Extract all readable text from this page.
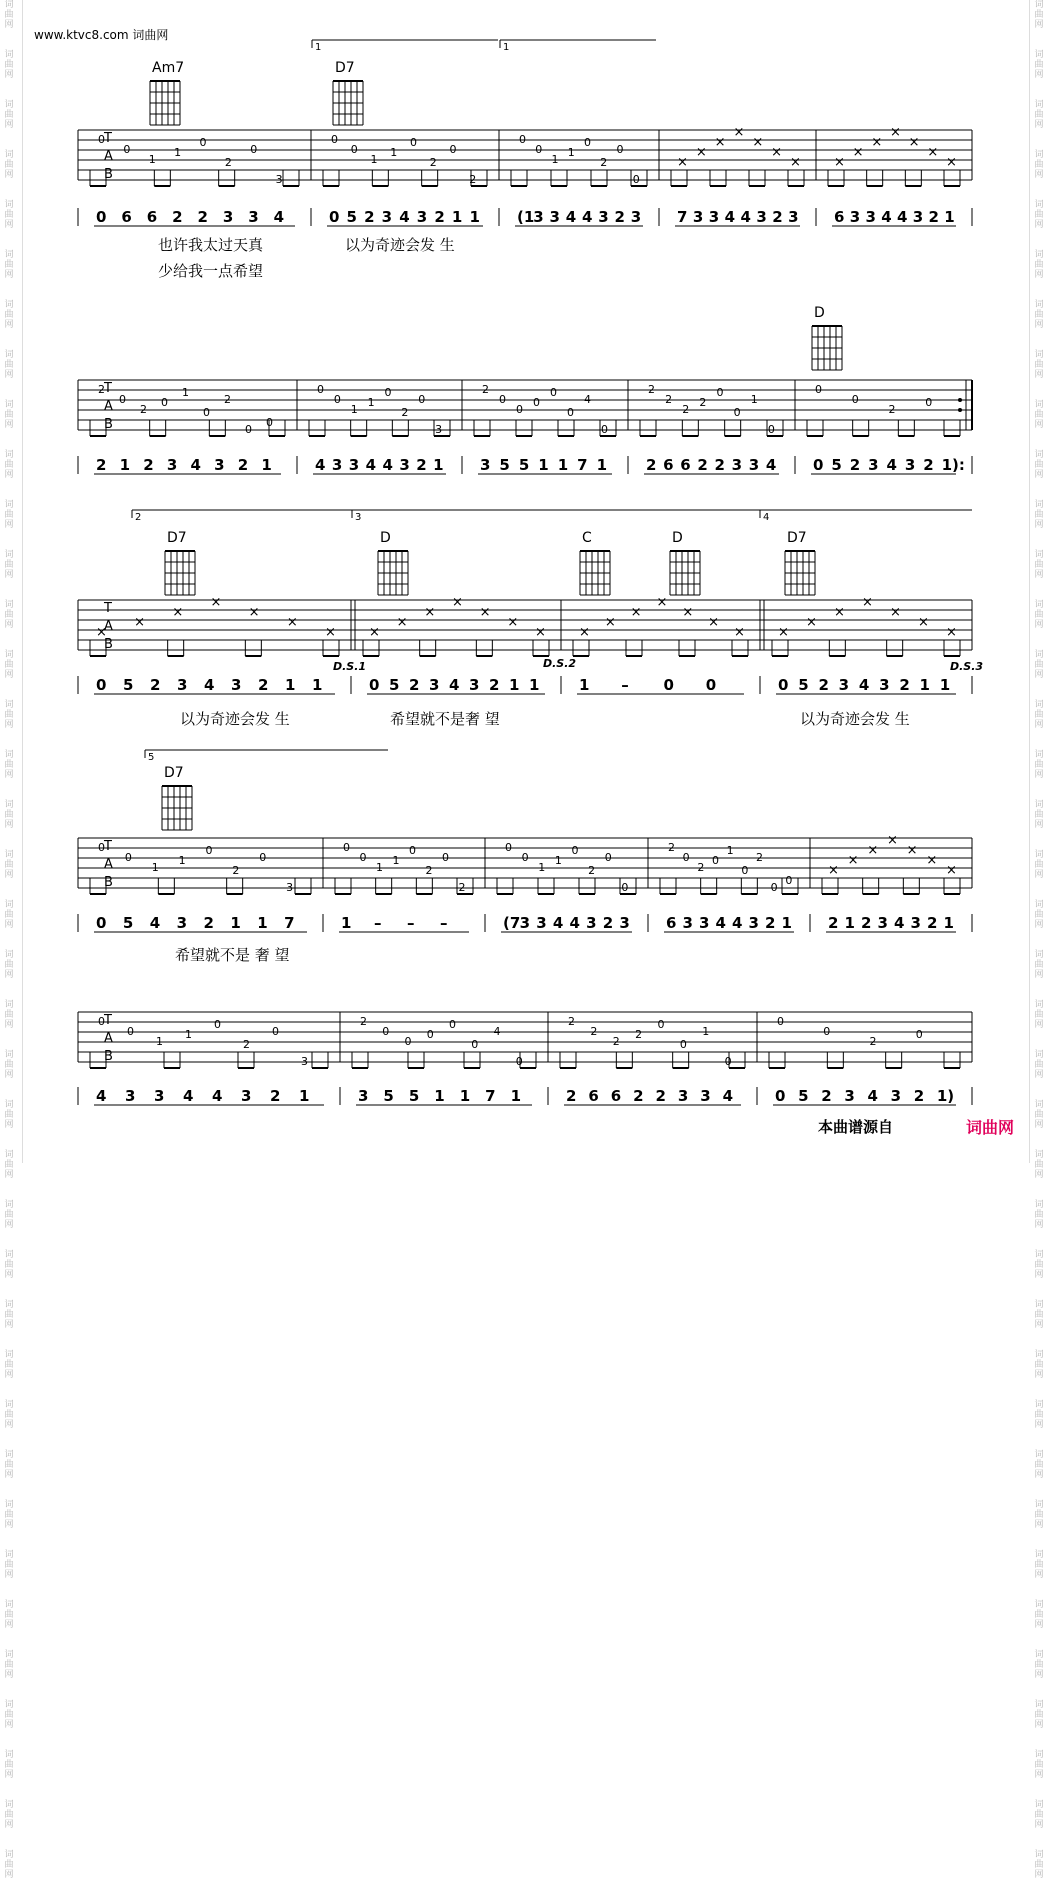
词
曲
网

词
曲
网

词
曲
网

词
曲
网

词
曲
网

词
曲
网

词
曲
网

词
曲
网

词
曲
网

词
曲
网

词
曲
网

词
曲
网

词
曲
网

词
曲
网

词
曲
网

词
曲
网

词
曲
网

词
曲
网

词
曲
网

词
曲
网

词
曲
网

词
曲
网

词
曲
网

词
曲
网

词
曲
网

词
曲
网

词
曲
网

词
曲
网

词
曲
网

词
曲
网

词
曲
网

词
曲
网

词
曲
网

词
曲
网

词
曲
网

词
曲
网

词
曲
网

词
曲
网

词
曲
网

词
曲
网

词
曲
网

词
曲
网

词
曲
网

词
曲
网

词
曲
网

词
曲
网

词
曲
网

词
曲
网

词
曲
网

词
曲
网

词
曲
网

词
曲
网

词
曲
网

词
曲
网

词
曲
网

词
曲
网

词
曲
网

词
曲
网

词
曲
网

词
曲
网

词
曲
网

词
曲
网

词
曲
网

词
曲
网

词
曲
网

词
曲
网

词
曲
网

词
曲
网

词
曲
网

词
曲
网

词
曲
网

词
曲
网

词
曲
网

词
曲
网

词
曲
网

词
曲
网

www.ktvc8.com 词曲网
T
A
B
0 6 6 2 2 3 3 4
0
0
1
1
0
2
0
3
0 5 2 3 4 3 2 1 1
0
0
1
1
0
2
0
2
(1
3 3 4 4 3 2 3
0
0
1
1
0
2
0
0
7 3 3 4 4 3 2 3
×
×
×
×
×
×
×
6 3 3 4 4 3 2 1
×
×
×
×
×
×
×
T
A
B
2 1 2 3 4 3 2 1
2
0
2
0
1
0
2
0
0
4 3 3 4 4 3 2 1
0
0
1
1
0
2
0
3
3 5 5 1 1 7 1
2
0
0
0
0
0
4
0
2 6 6 2 2 3 3 4
2
2
2
2
0
0
1
0
0 5 2 3 4 3 2 1):
0
0
2
0
T
A
B
0 5 2 3 4 3 2 1 1
×
×
×
×
×
×
×
0 5 2 3 4 3 2 1 1
×
×
×
×
×
×
×
1 – 0 0
×
×
×
×
×
×
×
0 5 2 3 4 3 2 1 1
×
×
×
×
×
×
×
T
A
B
0 5 4 3 2 1 1 7
0
0
1
1
0
2
0
3
1 – – –
0
0
1
1
0
2
0
2
(7 3 3 4 4 3 2 3
0
0
1
1
0
2
0
0
6 3 3 4 4 3 2 1
2
0
2
0
1
0
2
0
0
2 1 2 3 4 3 2 1
×
×
×
×
×
×
×
T
A
B
4 3 3 4 4 3 2 1
0
0
1
1
0
2
0
3
3 5 5 1 1 7 1
2
0
0
0
0
0
4
0
2 6 6 2 2 3 3 4
2
2
2
2
0
0
1
0
0 5 2 3 4 3 2 1)
0
0
2
0
也许我太过天真	以为奇迹会发 生
少给我一点希望
以为奇迹会发 生	希望就不是奢 望	以为奇迹会发 生
希望就不是 奢 望
Am7	D7
D
D7	D	C	D	D7
D7
1	1
2	3	4
5
D.S.1	D.S.2	D.S.3
本曲谱源自	词曲网
